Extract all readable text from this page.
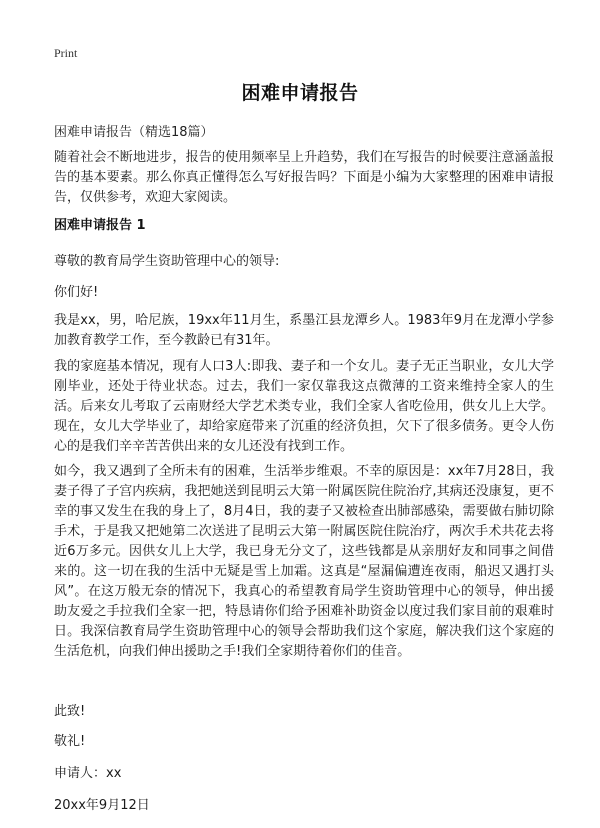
Print
困难申请报告
困难申请报告（精选18篇）
随着社会不断地进步，报告的使用频率呈上升趋势，我们在写报告的时候要注意涵盖报告的基本要素。那么你真正懂得怎么写好报告吗？下面是小编为大家整理的困难申请报告，仅供参考，欢迎大家阅读。
困难申请报告 1
尊敬的教育局学生资助管理中心的领导:
你们好!
我是xx，男，哈尼族，19xx年11月生，系墨江县龙潭乡人。1983年9月在龙潭小学参加教育教学工作，至今教龄已有31年。
我的家庭基本情况，现有人口3人:即我、妻子和一个女儿。妻子无正当职业，女儿大学刚毕业，还处于待业状态。过去，我们一家仅靠我这点微薄的工资来维持全家人的生活。后来女儿考取了云南财经大学艺术类专业，我们全家人省吃俭用，供女儿上大学。现在，女儿大学毕业了，却给家庭带来了沉重的经济负担，欠下了很多债务。更令人伤心的是我们辛辛苦苦供出来的女儿还没有找到工作。
如今，我又遇到了全所未有的困难，生活举步维艰。不幸的原因是：xx年7月28日，我妻子得了子宫内疾病，我把她送到昆明云大第一附属医院住院治疗,其病还没康复，更不幸的事又发生在我的身上了，8月4日，我的妻子又被检查出肺部感染，需要做右肺切除手术，于是我又把她第二次送进了昆明云大第一附属医院住院治疗，两次手术共花去将近6万多元。因供女儿上大学，我已身无分文了，这些钱都是从亲朋好友和同事之间借来的。这一切在我的生活中无疑是雪上加霜。这真是“屋漏偏遭连夜雨，船迟又遇打头风”。在这万般无奈的情况下，我真心的希望教育局学生资助管理中心的领导，伸出援助友爱之手拉我们全家一把，特恳请你们给予困难补助资金以度过我们家目前的艰难时日。我深信教育局学生资助管理中心的领导会帮助我们这个家庭，解决我们这个家庭的生活危机，向我们伸出援助之手!我们全家期待着你们的佳音。
此致!
敬礼!
申请人：xx
20xx年9月12日
